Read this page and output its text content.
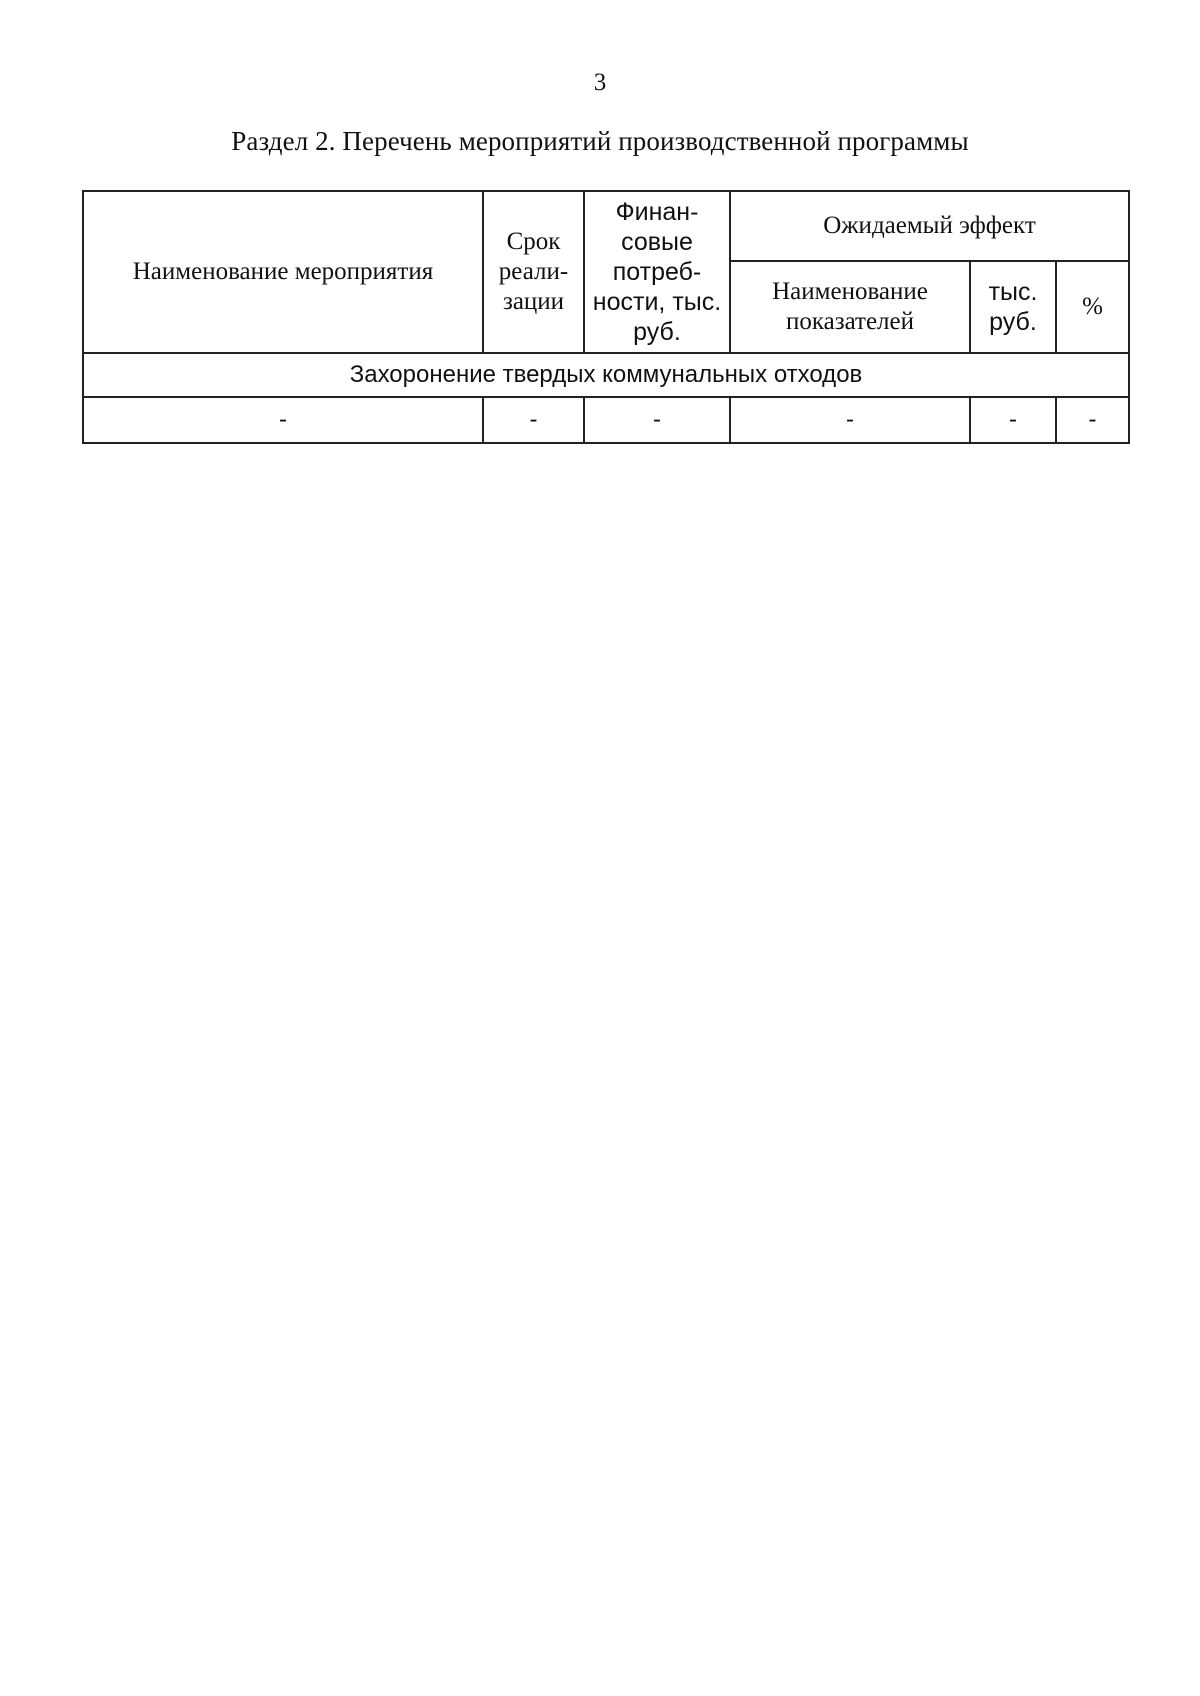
3
Раздел 2. Перечень мероприятий производственной программы
Наименование мероприятия	Срок реали- зации	Финан- совые потреб- ности, тыс. руб.	Ожидаемый эффект		
			Наименование показателей	тыс. руб.	%
Захоронение твердых коммунальных отходов					
-	-	-	-	-	-
